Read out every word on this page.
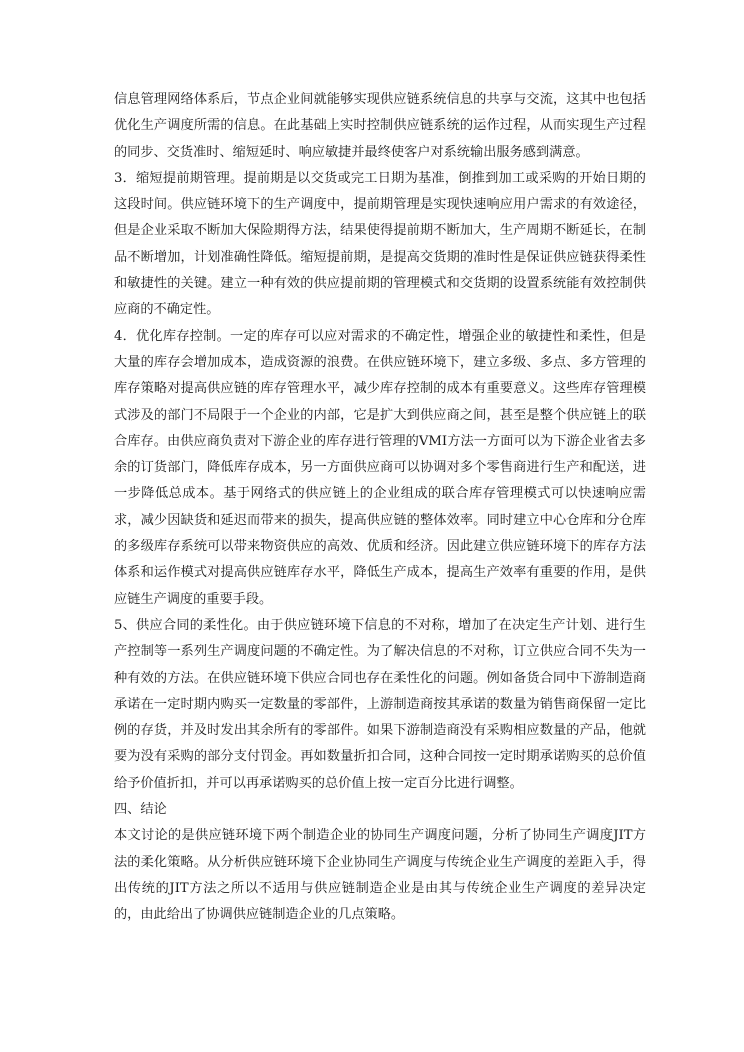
信息管理网络体系后，节点企业间就能够实现供应链系统信息的共享与交流，这其中也包括优化生产调度所需的信息。在此基础上实时控制供应链系统的运作过程，从而实现生产过程的同步、交货准时、缩短延时、响应敏捷并最终使客户对系统输出服务感到满意。

3．缩短提前期管理。提前期是以交货或完工日期为基准，倒推到加工或采购的开始日期的这段时间。供应链环境下的生产调度中，提前期管理是实现快速响应用户需求的有效途径，但是企业采取不断加大保险期得方法，结果使得提前期不断加大，生产周期不断延长，在制品不断增加，计划准确性降低。缩短提前期，是提高交货期的准时性是保证供应链获得柔性和敏捷性的关键。建立一种有效的供应提前期的管理模式和交货期的设置系统能有效控制供应商的不确定性。

4．优化库存控制。一定的库存可以应对需求的不确定性，增强企业的敏捷性和柔性，但是大量的库存会增加成本，造成资源的浪费。在供应链环境下，建立多级、多点、多方管理的库存策略对提高供应链的库存管理水平，减少库存控制的成本有重要意义。这些库存管理模式涉及的部门不局限于一个企业的内部，它是扩大到供应商之间，甚至是整个供应链上的联合库存。由供应商负责对下游企业的库存进行管理的VMI方法一方面可以为下游企业省去多余的订货部门，降低库存成本，另一方面供应商可以协调对多个零售商进行生产和配送，进一步降低总成本。基于网络式的供应链上的企业组成的联合库存管理模式可以快速响应需求，减少因缺货和延迟而带来的损失，提高供应链的整体效率。同时建立中心仓库和分仓库的多级库存系统可以带来物资供应的高效、优质和经济。因此建立供应链环境下的库存方法体系和运作模式对提高供应链库存水平，降低生产成本，提高生产效率有重要的作用，是供应链生产调度的重要手段。

5、供应合同的柔性化。由于供应链环境下信息的不对称，增加了在决定生产计划、进行生产控制等一系列生产调度问题的不确定性。为了解决信息的不对称，订立供应合同不失为一种有效的方法。在供应链环境下供应合同也存在柔性化的问题。例如备货合同中下游制造商承诺在一定时期内购买一定数量的零部件，上游制造商按其承诺的数量为销售商保留一定比例的存货，并及时发出其余所有的零部件。如果下游制造商没有采购相应数量的产品，他就要为没有采购的部分支付罚金。再如数量折扣合同，这种合同按一定时期承诺购买的总价值给予价值折扣，并可以再承诺购买的总价值上按一定百分比进行调整。

四、结论

本文讨论的是供应链环境下两个制造企业的协同生产调度问题，分析了协同生产调度JIT方法的柔化策略。从分析供应链环境下企业协同生产调度与传统企业生产调度的差距入手，得出传统的JIT方法之所以不适用与供应链制造企业是由其与传统企业生产调度的差异决定的，由此给出了协调供应链制造企业的几点策略。
